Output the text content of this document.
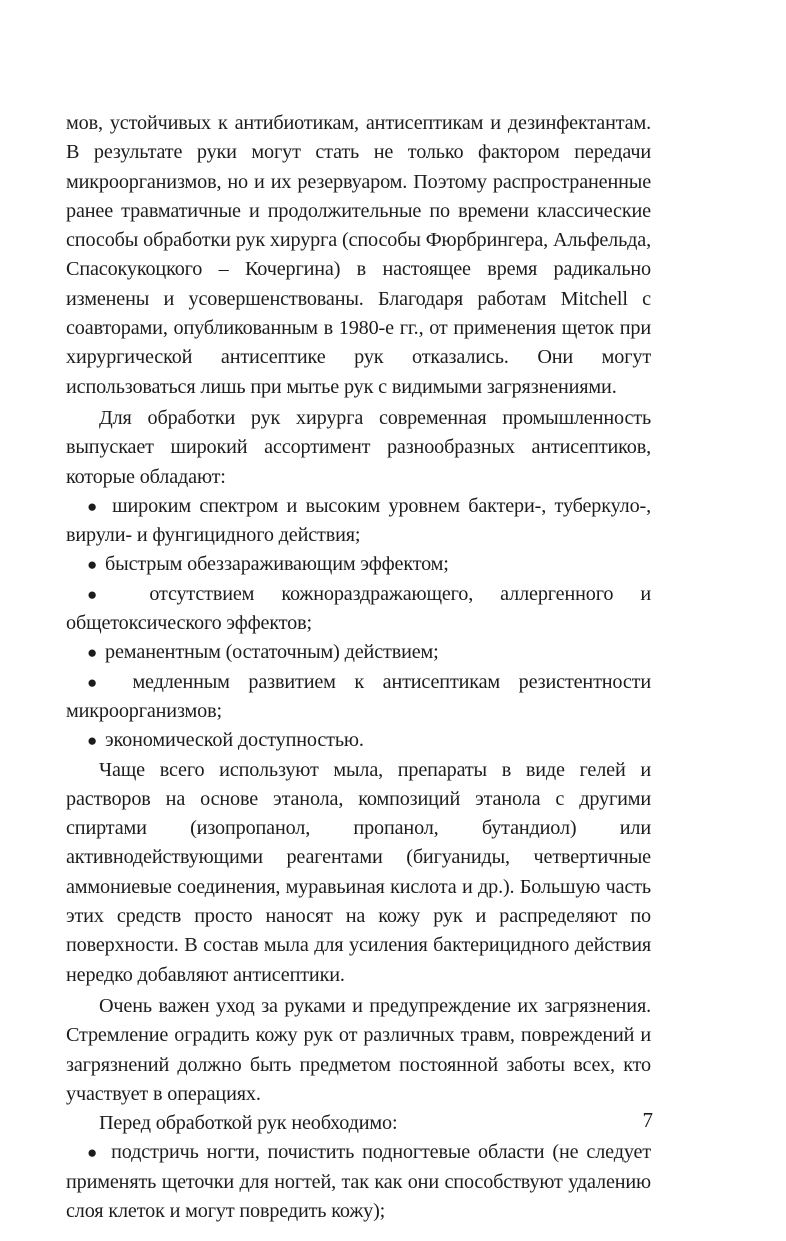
мов, устойчивых к антибиотикам, антисептикам и дезинфектантам. В результате руки могут стать не только фактором передачи микроорганизмов, но и их резервуаром. Поэтому распространенные ранее травматичные и продолжительные по времени классические способы обработки рук хирурга (способы Фюрбрингера, Альфельда, Спасокукоцкого – Кочергина) в настоящее время радикально изменены и усовершенствованы. Благодаря работам Mitchell с соавторами, опубликованным в 1980-е гг., от применения щеток при хирургической антисептике рук отказались. Они могут использоваться лишь при мытье рук с видимыми загрязнениями.

Для обработки рук хирурга современная промышленность выпускает широкий ассортимент разнообразных антисептиков, которые обладают:

● широким спектром и высоким уровнем бактери-, туберкуло-, вирули- и фунгицидного действия;

● быстрым обеззараживающим эффектом;

● отсутствием кожнораздражающего, аллергенного и общетоксического эффектов;

● ремaнентным (остаточным) действием;

● медленным развитием к антисептикам резистентности микроорганизмов;

● экономической доступностью.

Чаще всего используют мыла, препараты в виде гелей и растворов на основе этанола, композиций этанола с другими спиртами (изопропанол, пропанол, бутандиол) или активнодействующими реагентами (бигуаниды, четвертичные аммониевые соединения, муравьиная кислота и др.). Большую часть этих средств просто наносят на кожу рук и распределяют по поверхности. В состав мыла для усиления бактерицидного действия нередко добавляют антисептики.

Очень важен уход за руками и предупреждение их загрязнения. Стремление оградить кожу рук от различных травм, повреждений и загрязнений должно быть предметом постоянной заботы всех, кто участвует в операциях.

Перед обработкой рук необходимо:

● подстричь ногти, почистить подногтевые области (не следует применять щеточки для ногтей, так как они способствуют удалению слоя клеток и могут повредить кожу);

7
